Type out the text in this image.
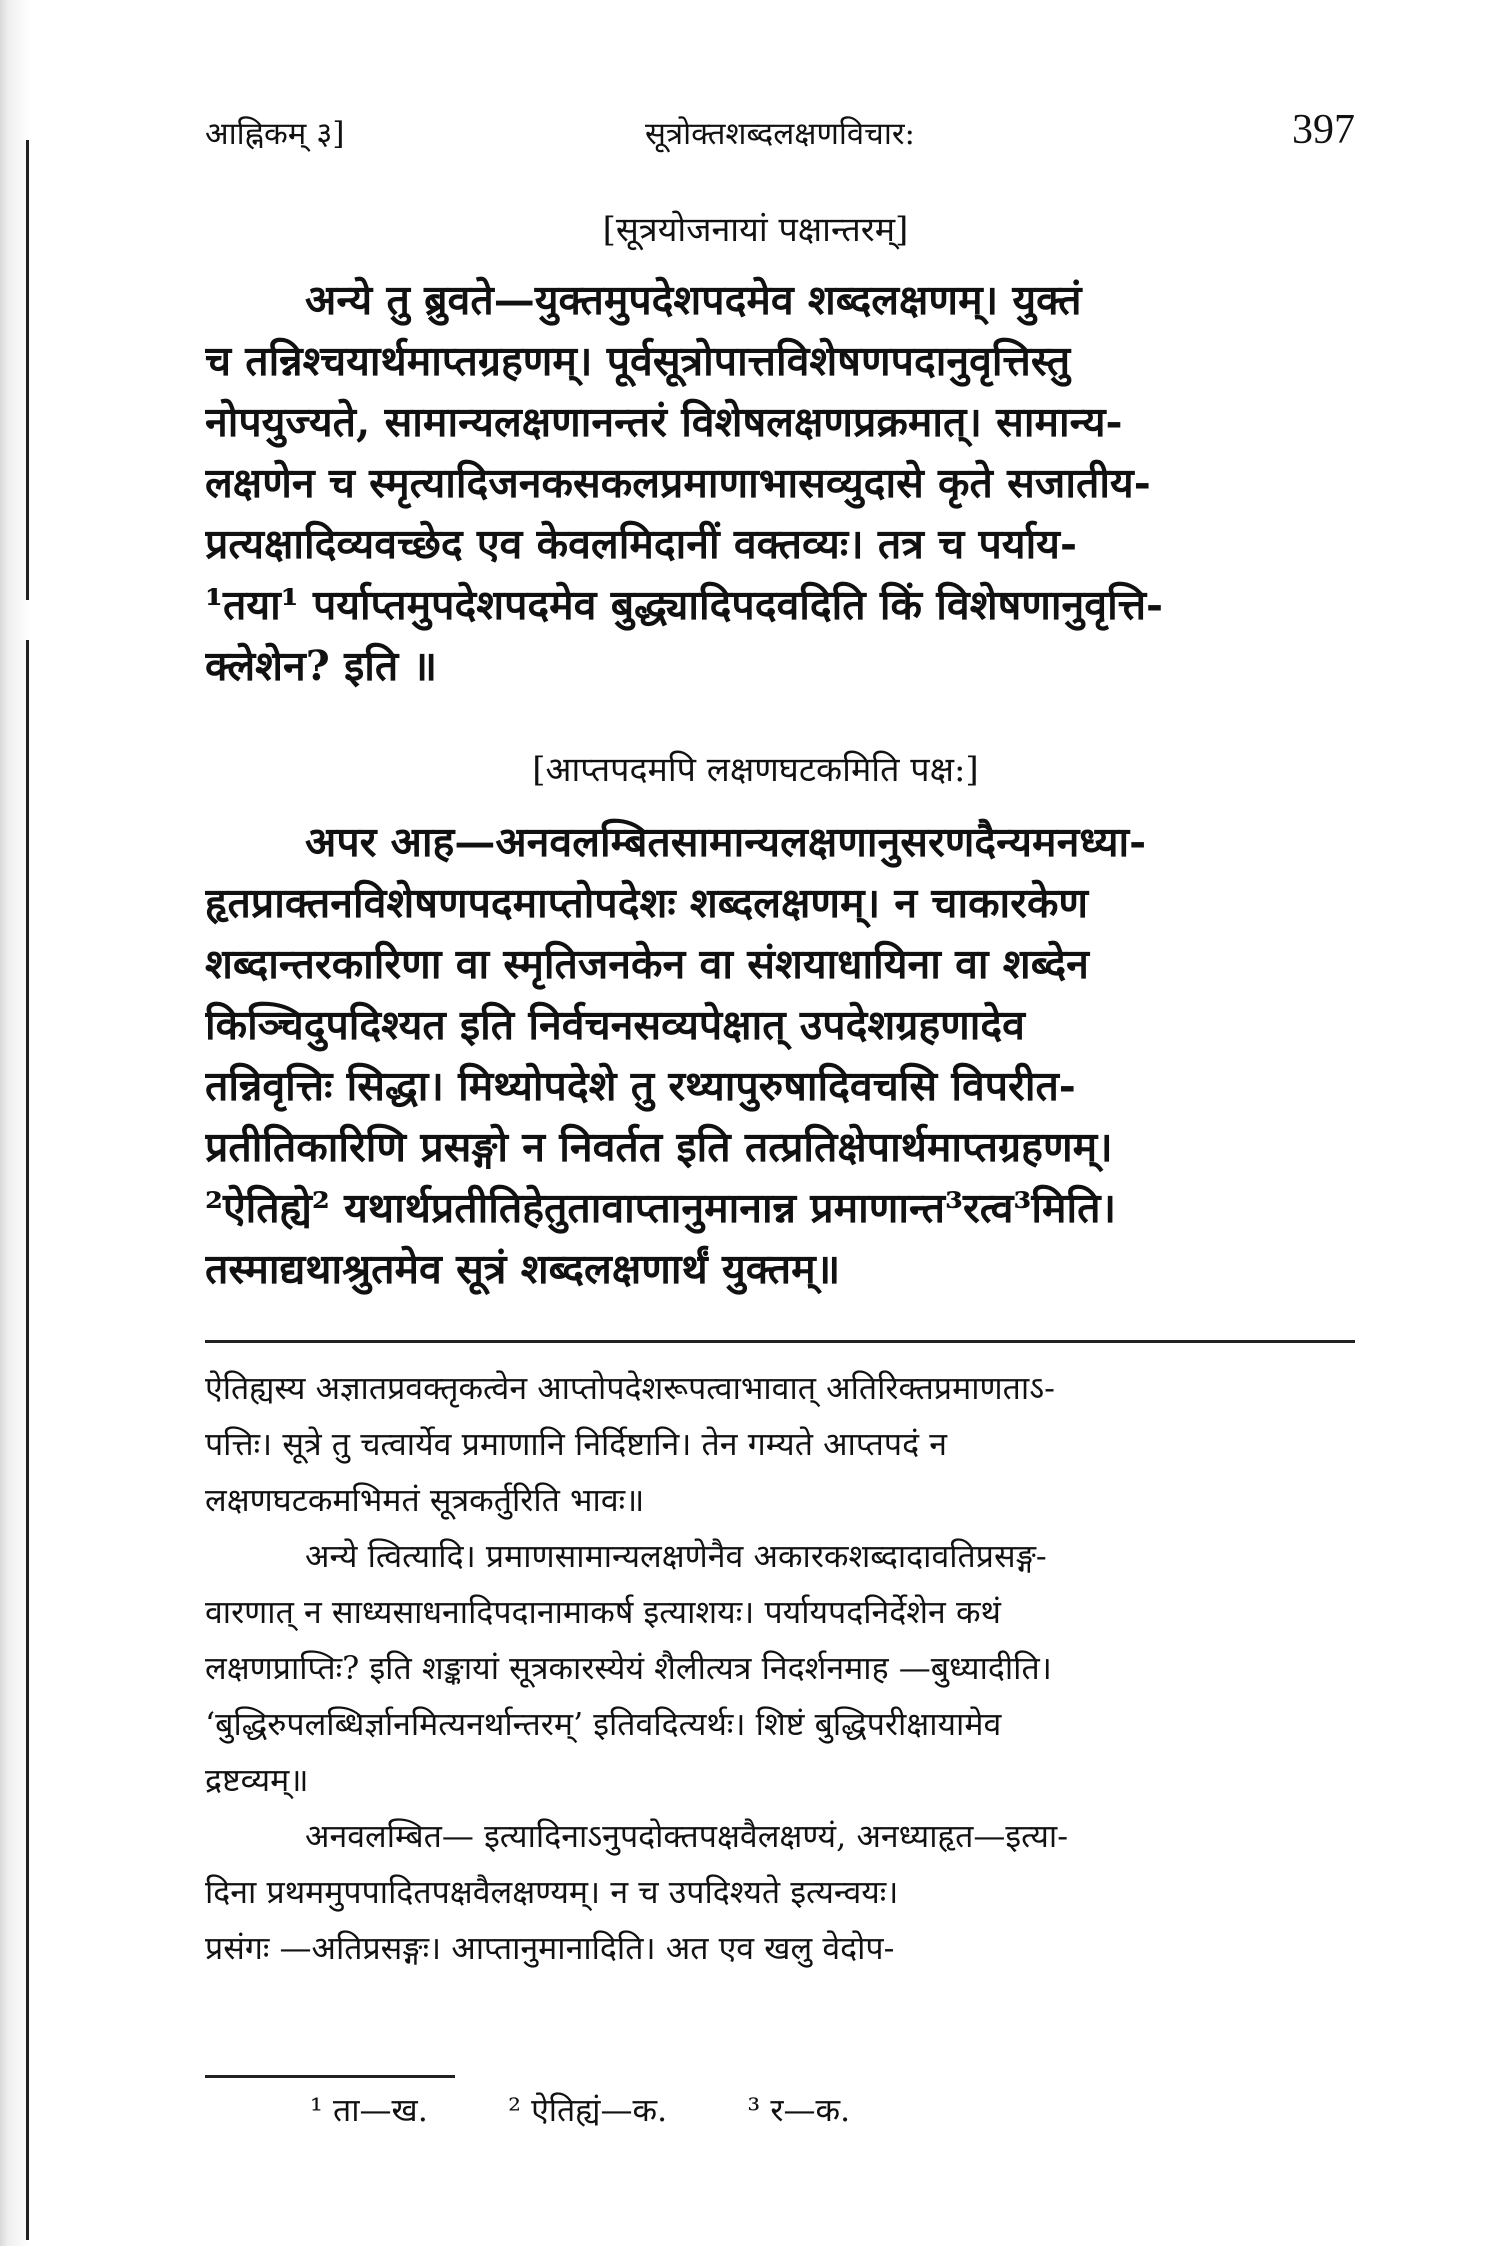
आह्निकम् ३]	सूत्रोक्तशब्दलक्षणविचार:	397
[सूत्रयोजनायां पक्षान्तरम्]
अन्ये तु ब्रुवते—युक्तमुपदेशपदमेव शब्दलक्षणम्। युक्तं
च तन्निश्चयार्थमाप्तग्रहणम्। पूर्वसूत्रोपात्तविशेषणपदानुवृत्तिस्तु
नोपयुज्यते, सामान्यलक्षणानन्तरं विशेषलक्षणप्रक्रमात्। सामान्य-
लक्षणेन च स्मृत्यादिजनकसकलप्रमाणाभासव्युदासे कृते सजातीय-
प्रत्यक्षादिव्यवच्छेद एव केवलमिदानीं वक्तव्यः। तत्र च पर्याय-
¹तया¹ पर्याप्तमुपदेशपदमेव बुद्ध्यादिपदवदिति किं विशेषणानुवृत्ति-
क्लेशेन? इति ॥
[आप्तपदमपि लक्षणघटकमिति पक्ष:]
अपर आह—अनवलम्बितसामान्यलक्षणानुसरणदैन्यमनध्या-
हृतप्राक्तनविशेषणपदमाप्तोपदेशः शब्दलक्षणम्। न चाकारकेण
शब्दान्तरकारिणा वा स्मृतिजनकेन वा संशयाधायिना वा शब्देन
किञ्चिदुपदिश्यत इति निर्वचनसव्यपेक्षात् उपदेशग्रहणादेव
तन्निवृत्तिः सिद्धा। मिथ्योपदेशे तु रथ्यापुरुषादिवचसि विपरीत-
प्रतीतिकारिणि प्रसङ्गो न निवर्तत इति तत्प्रतिक्षेपार्थमाप्तग्रहणम्।
²ऐतिह्ये² यथार्थप्रतीतिहेतुतावाप्तानुमानान्न प्रमाणान्त³रत्व³मिति।
तस्माद्यथाश्रुतमेव सूत्रं शब्दलक्षणार्थं युक्तम्॥
ऐतिह्यस्य अज्ञातप्रवक्तृकत्वेन आप्तोपदेशरूपत्वाभावात् अतिरिक्तप्रमाणताऽ-
पत्तिः। सूत्रे तु चत्वार्येव प्रमाणानि निर्दिष्टानि। तेन गम्यते आप्तपदं न
लक्षणघटकमभिमतं सूत्रकर्तुरिति भावः॥
अन्ये त्वित्यादि। प्रमाणसामान्यलक्षणेनैव अकारकशब्दादावतिप्रसङ्ग-
वारणात् न साध्यसाधनादिपदानामाकर्ष इत्याशयः। पर्यायपदनिर्देशेन कथं
लक्षणप्राप्तिः? इति शङ्कायां सूत्रकारस्येयं शैलीत्यत्र निदर्शनमाह —बुध्यादीति।
‘बुद्धिरुपलब्धिर्ज्ञानमित्यनर्थान्तरम्’ इतिवदित्यर्थः। शिष्टं बुद्धिपरीक्षायामेव
द्रष्टव्यम्॥
अनवलम्बित— इत्यादिनाऽनुपदोक्तपक्षवैलक्षण्यं, अनध्याहृत—इत्या-
दिना प्रथममुपपादितपक्षवैलक्षण्यम्। न च उपदिश्यते इत्यन्वयः।
प्रसंगः —अतिप्रसङ्गः। आप्तानुमानादिति। अत एव खलु वेदोप-
¹ ता—ख.	² ऐतिह्यं—क.	³ र—क.
